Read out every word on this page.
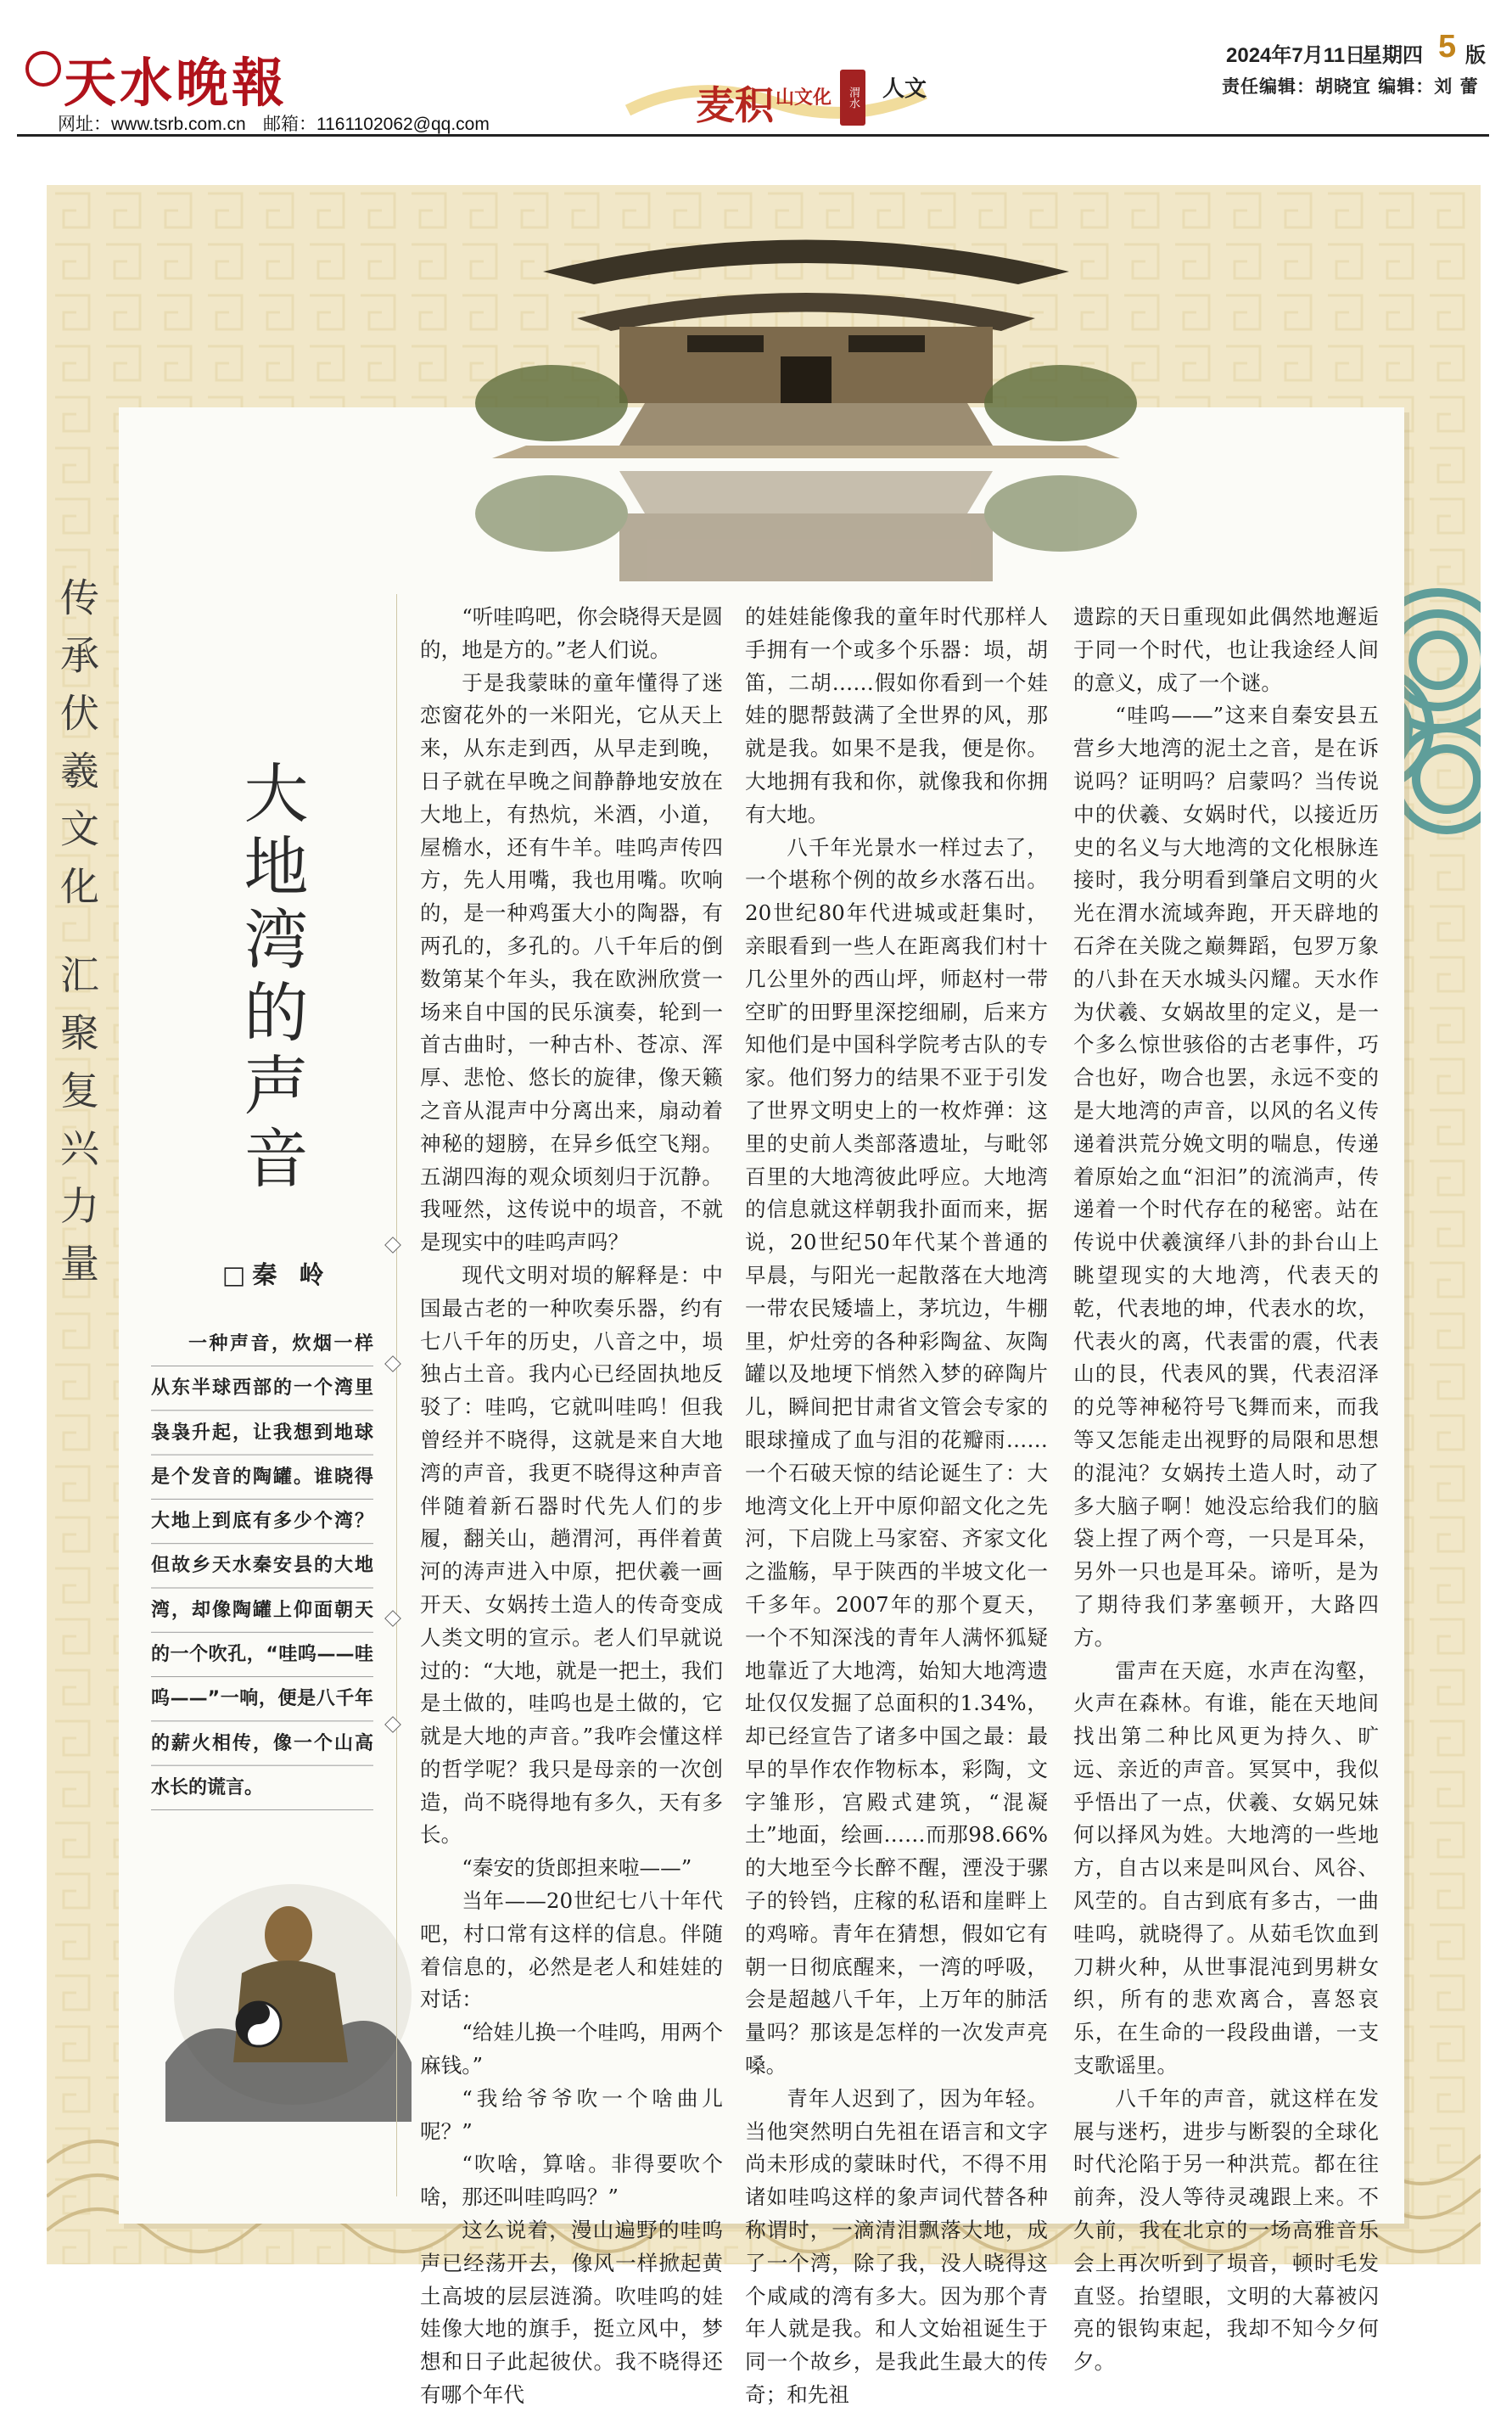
天水晚報
网址：www.tsrb.com.cn 邮箱：1161102062@qq.com	麦积 山文化	渭水 人文
2024年7月11日
星期四 5 版
责任编辑：胡晓宜 编辑：刘 蕾
传承伏羲文化 汇聚复兴力量 大地湾的声音
□秦 岭

一种声音，炊烟一样从东半球西部的一个湾里袅袅升起，让我想到地球是个发音的陶罐。谁晓得大地上到底有多少个湾？但故乡天水秦安县的大地湾，却像陶罐上仰面朝天的一个吹孔，“哇呜——哇呜——”一响，便是八千年的薪火相传，像一个山高水长的谎言。

“听哇呜吧，你会晓得天是圆的，地是方的。”老人们说。

于是我蒙昧的童年懂得了迷恋窗花外的一米阳光，它从天上来，从东走到西，从早走到晚，日子就在早晚之间静静地安放在大地上，有热炕，米酒，小道，屋檐水，还有牛羊。哇呜声传四方，先人用嘴，我也用嘴。吹响的，是一种鸡蛋大小的陶器，有两孔的，多孔的。八千年后的倒数第某个年头，我在欧洲欣赏一场来自中国的民乐演奏，轮到一首古曲时，一种古朴、苍凉、浑厚、悲怆、悠长的旋律，像天籁之音从混声中分离出来，扇动着神秘的翅膀，在异乡低空飞翔。五湖四海的观众顷刻归于沉静。我哑然，这传说中的埙音，不就是现实中的哇呜声吗？

现代文明对埙的解释是：中国最古老的一种吹奏乐器，约有七八千年的历史，八音之中，埙独占土音。我内心已经固执地反驳了：哇呜，它就叫哇呜！但我曾经并不晓得，这就是来自大地湾的声音，我更不晓得这种声音伴随着新石器时代先人们的步履，翻关山，趟渭河，再伴着黄河的涛声进入中原，把伏羲一画开天、女娲抟土造人的传奇变成人类文明的宣示。老人们早就说过的：“大地，就是一把土，我们是土做的，哇呜也是土做的，它就是大地的声音。”我咋会懂这样的哲学呢？我只是母亲的一次创造，尚不晓得地有多久，天有多长。

“秦安的货郎担来啦——”

当年——20世纪七八十年代吧，村口常有这样的信息。伴随着信息的，必然是老人和娃娃的对话：

“给娃儿换一个哇呜，用两个麻钱。”

“我给爷爷吹一个啥曲儿呢？”

“吹啥，算啥。非得要吹个啥，那还叫哇呜吗？”

这么说着，漫山遍野的哇呜声已经荡开去，像风一样掀起黄土高坡的层层涟漪。吹哇呜的娃娃像大地的旗手，挺立风中，梦想和日子此起彼伏。我不晓得还有哪个年代

的娃娃能像我的童年时代那样人手拥有一个或多个乐器：埙，胡笛，二胡……假如你看到一个娃娃的腮帮鼓满了全世界的风，那就是我。如果不是我，便是你。大地拥有我和你，就像我和你拥有大地。

八千年光景水一样过去了，一个堪称个例的故乡水落石出。20世纪80年代进城或赶集时，亲眼看到一些人在距离我们村十几公里外的西山坪，师赵村一带空旷的田野里深挖细刷，后来方知他们是中国科学院考古队的专家。他们努力的结果不亚于引发了世界文明史上的一枚炸弹：这里的史前人类部落遗址，与毗邻百里的大地湾彼此呼应。大地湾的信息就这样朝我扑面而来，据说，20世纪50年代某个普通的早晨，与阳光一起散落在大地湾一带农民矮墙上，茅坑边，牛棚里，炉灶旁的各种彩陶盆、灰陶罐以及地埂下悄然入梦的碎陶片儿，瞬间把甘肃省文管会专家的眼球撞成了血与泪的花瓣雨……一个石破天惊的结论诞生了：大地湾文化上开中原仰韶文化之先河，下启陇上马家窑、齐家文化之滥觞，早于陕西的半坡文化一千多年。2007年的那个夏天，一个不知深浅的青年人满怀狐疑地靠近了大地湾，始知大地湾遗址仅仅发掘了总面积的1.34%，却已经宣告了诸多中国之最：最早的旱作农作物标本，彩陶，文字雏形，宫殿式建筑，“混凝土”地面，绘画……而那98.66%的大地至今长醉不醒，湮没于骡子的铃铛，庄稼的私语和崖畔上的鸡啼。青年在猜想，假如它有朝一日彻底醒来，一湾的呼吸，会是超越八千年，上万年的肺活量吗？那该是怎样的一次发声亮嗓。

青年人迟到了，因为年轻。当他突然明白先祖在语言和文字尚未形成的蒙昧时代，不得不用诸如哇呜这样的象声词代替各种称谓时，一滴清泪飘落大地，成了一个湾，除了我，没人晓得这个咸咸的湾有多大。因为那个青年人就是我。和人文始祖诞生于同一个故乡，是我此生最大的传奇；和先祖

遗踪的天日重现如此偶然地邂逅于同一个时代，也让我途经人间的意义，成了一个谜。

“哇呜——”这来自秦安县五营乡大地湾的泥土之音，是在诉说吗？证明吗？启蒙吗？当传说中的伏羲、女娲时代，以接近历史的名义与大地湾的文化根脉连接时，我分明看到肇启文明的火光在渭水流域奔跑，开天辟地的石斧在关陇之巅舞蹈，包罗万象的八卦在天水城头闪耀。天水作为伏羲、女娲故里的定义，是一个多么惊世骇俗的古老事件，巧合也好，吻合也罢，永远不变的是大地湾的声音，以风的名义传递着洪荒分娩文明的喘息，传递着原始之血“汩汩”的流淌声，传递着一个时代存在的秘密。站在传说中伏羲演绎八卦的卦台山上眺望现实的大地湾，代表天的乾，代表地的坤，代表水的坎，代表火的离，代表雷的震，代表山的艮，代表风的巽，代表沼泽的兑等神秘符号飞舞而来，而我等又怎能走出视野的局限和思想的混沌？女娲抟土造人时，动了多大脑子啊！她没忘给我们的脑袋上捏了两个弯，一只是耳朵，另外一只也是耳朵。谛听，是为了期待我们茅塞顿开，大路四方。

雷声在天庭，水声在沟壑，火声在森林。有谁，能在天地间找出第二种比风更为持久、旷远、亲近的声音。冥冥中，我似乎悟出了一点，伏羲、女娲兄妹何以择风为姓。大地湾的一些地方，自古以来是叫风台、风谷、风茔的。自古到底有多古，一曲哇呜，就晓得了。从茹毛饮血到刀耕火种，从世事混沌到男耕女织，所有的悲欢离合，喜怒哀乐，在生命的一段段曲谱，一支支歌谣里。

八千年的声音，就这样在发展与迷朽，进步与断裂的全球化时代沦陷于另一种洪荒。都在往前奔，没人等待灵魂跟上来。不久前，我在北京的一场高雅音乐会上再次听到了埙音，顿时毛发直竖。抬望眼，文明的大幕被闪亮的银钩束起，我却不知今夕何夕。
